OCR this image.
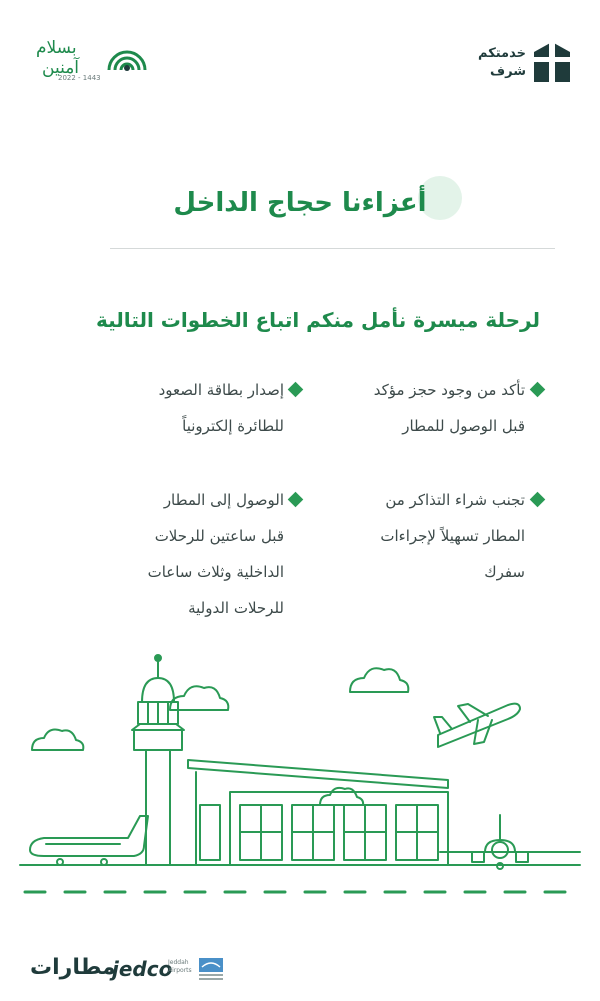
خدمتكم
شرف
بسلام
آمنين
2022 - 1443
أعزاءنا حجاج الداخل
لرحلة ميسرة نأمل منكم اتباع الخطوات التالية

تأكد من وجود حجز مؤكد

قبل الوصول للمطار

إصدار بطاقة الصعود

للطائرة إلكترونياً

تجنب شراء التذاكر من

المطار تسهيلاً لإجراءات

سفرك

الوصول إلى المطار

قبل ساعتين للرحلات

الداخلية وثلاث ساعات

للرحلات الدولية

مطارات
jedco
Jeddah
Airports
